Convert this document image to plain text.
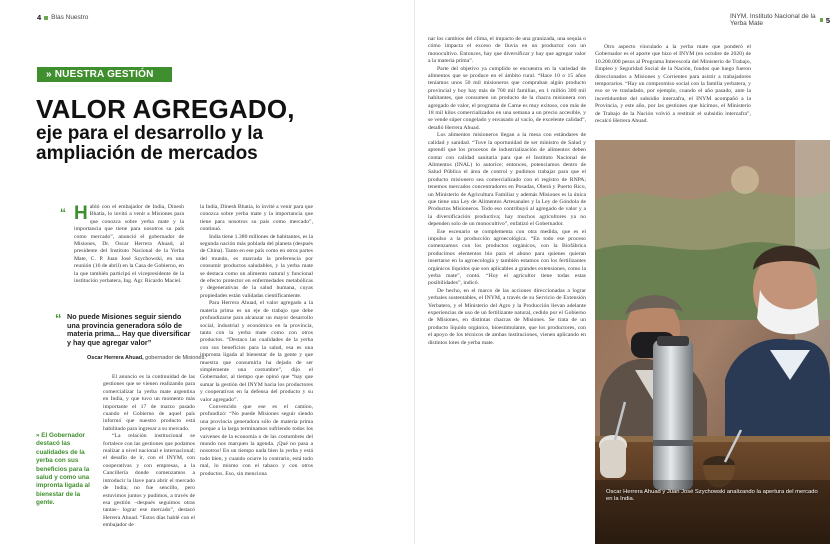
4 Blas Nuestro
» NUESTRA GESTIÓN
VALOR AGREGADO,
eje para el desarrollo y la
ampliación de mercados
“ Habló con el embajador de India, Dinesh Bhatia, lo invitó a venir a Misiones para que conozca sobre yerba mate y la importancia que tiene para nosotros su país como mercado”, anunció el gobernador de Misiones, Dr. Oscar Herrera Ahuad, al presidente del Instituto Nacional de la Yerba Mate, C. P. Juan José Szychowski, en una reunión (16 de abril) en la Casa de Gobierno, en la que también participó el vicepresidente de la institución yerbatera, Ing. Agr. Ricardo Maciel.

“ No puede Misiones seguir siendo una provincia generadora sólo de materia prima... Hay que diversificar y hay que agregar valor”
Oscar Herrera Ahuad, gobernador de Misiones.

El anuncio es la continuidad de las gestiones que se vienen realizando para comercializar la yerba mate argentina en India, y que tuvo un momento más importante el 17 de marzo pasado cuando el Gobierno de aquel país informó que nuestro producto está habilitado para ingresar a su mercado.

“La relación institucional se fortalece con las gestiones que podamos realizar a nivel nacional e internacional; el desafío de ir, con el INYM, con cooperativas y con empresas, a la Cancillería donde comenzamos a introducir la llave para abrir el mercado de India; no fue sencillo, pero estuvimos juntos y pudimos, a través de esa gestión –después seguimos otras tantas– lograr ese mercado”, destacó Herrera Ahuad. “Estos días hablé con el embajador de

» El Gobernador destacó las cualidades de la yerba con sus beneficios para la salud y como una impronta ligada al bienestar de la gente.

la India, Dinesh Bhatia, lo invité a venir para que conozca sobre yerba mate y la importancia que tiene para nosotros su país como mercado”, continuó.

India tiene 1.380 millones de habitantes, es la segunda nación más poblada del planeta (después de China). Tanto en ese país como en otros partes del mundo, es marcada la preferencia por consumir productos saludables, y la yerba mate se destaca como un alimento natural y funcional de efecto protector en enfermedades metabólicas y degenerativas de la salud humana, cuyas propiedades están validadas científicamente.

Para Herrera Ahuad, el valor agregado a la materia prima es un eje de trabajo que debe profundizarse para alcanzar un mayor desarrollo social, industrial y económico en la provincia, tanto con la yerba mate como con otros productos. “Destaco las cualidades de la yerba con sus beneficios para la salud, esa es una impronta ligada al bienestar de la gente y que muestra que consumirla ha dejado de ser simplemente una costumbre”, dijo el Gobernador, al tiempo que opinó que “hay que sumar la gestión del INYM hacia los productores y cooperativas en la defensa del producto y su valor agregado”.

Convencido que ese es el camino, profundizó: “No puede Misiones seguir siendo una provincia generadora sólo de materia prima porque a la larga terminamos sufriendo todos los vaivenes de la economía o de las costumbres del mundo nos marquen la agenda. ¡Qué no pasa a nosotros! En un tiempo nada bien la yerba y está todo bien, y cuando ocurre lo contrario, está todo mal, lo mismo con el tabaco y con otros productos. Eso, sin menciona

INYM. Instituto Nacional de la Yerba Mate	5

nar los cambios del clima, el impacto de una granizada, una sequía o cómo impacta el exceso de lluvia en un productor con un monocultivo. Entonces, hay que diversificar y hay que agregar valor a la materia prima”.

Parte del objetivo ya cumplido se encuentra en la variedad de alimentos que se produce en el ámbito rural. “Hace 10 o 15 años teníamos unos 50 mil misioneros que compraban algún producto provincial y hoy hay más de 700 mil familias, en 1 millón 300 mil habitantes, que consumen un producto de la chacra misionera con agregado de valor, el programa de Carne es muy exitoso, con más de 18 mil kilos comercializados en una semana a un precio accesible, y se vende súper congelado y envasado al vacío, de excelente calidad”, detalló Herrera Ahuad.

Los alimentos misioneros llegan a la mesa con estándares de calidad y sanidad. “Tuve la oportunidad de ser ministro de Salud y aprendí que los procesos de industrialización de alimentos deben contar con calidad sanitaria para que el Instituto Nacional de Alimentos (INAL) lo autorice; entonces, potenciamos dentro de Salud Pública el área de control y pudimos trabajar para que el producto misionero sea comercializado con el registro de RNPA; tenemos mercados concentradores en Posadas, Oberá y Puerto Rico, un Ministerio de Agricultura Familiar y además Misiones es la única que tiene una Ley de Alimentos Artesanales y la Ley de Góndola de Productos Misioneros. Todo eso contribuyó al agregado de valor y a la diversificación productiva; hay muchos agricultores ya no dependen solo de un monocultivo”, enfatizó el Gobernador.

Ese escenario se complementa con otra medida, que es el impulso a la producción agroecológica. “En todo ese proceso comenzamos con los productos orgánicos, con la Biofábrica producimos elementos bio para el abono para quienes quieran insertarse en la agroecología y también estamos con los fertilizantes orgánicos líquidos que son aplicables a grandes extensiones, como la yerba mate”, contó. “Hoy el agricultor tiene todas estas posibilidades”, indicó.

De hecho, en el marco de las acciones direccionadas a lograr yerbales sustentables, el INYM, a través de su Servicio de Extensión Yerbatero, y el Ministerio del Agro y la Producción llevan adelante experiencias de uso de un fertilizante natural, cedido por el Gobierno de Misiones, en distintas chacras de Misiones. Se trata de un producto líquido orgánico, bioestimulante, que los productores, con el apoyo de los técnicos de ambas instituciones, vienen aplicando en distintos lotes de yerba mate.

Otro aspecto vinculado a la yerba mate que ponderó el Gobernador es el aporte que hizo el INYM (en octubre de 2020) de 10.200.000 pesos al Programa Interescola del Ministerio de Trabajo, Empleo y Seguridad Social de la Nación, fondos que luego fueron direccionados a Misiones y Corrientes para asistir a trabajadores temporarios. “Hay un compromiso social con la familia yerbatera, y eso se ve trasladado, por ejemplo, cuando el año pasado, ante la incertidumbre del subsidio interzafra, el INYM acompañó a la Provincia, y este año, por las gestiones que hicimos, el Ministerio de Trabajo de la Nación volvió a restituir el subsidio interzafra”, recalcó Herrera Ahuad.

Oscar Herrera Ahuad y Juan José Szychowski analizando la apertura del mercado en la India.
